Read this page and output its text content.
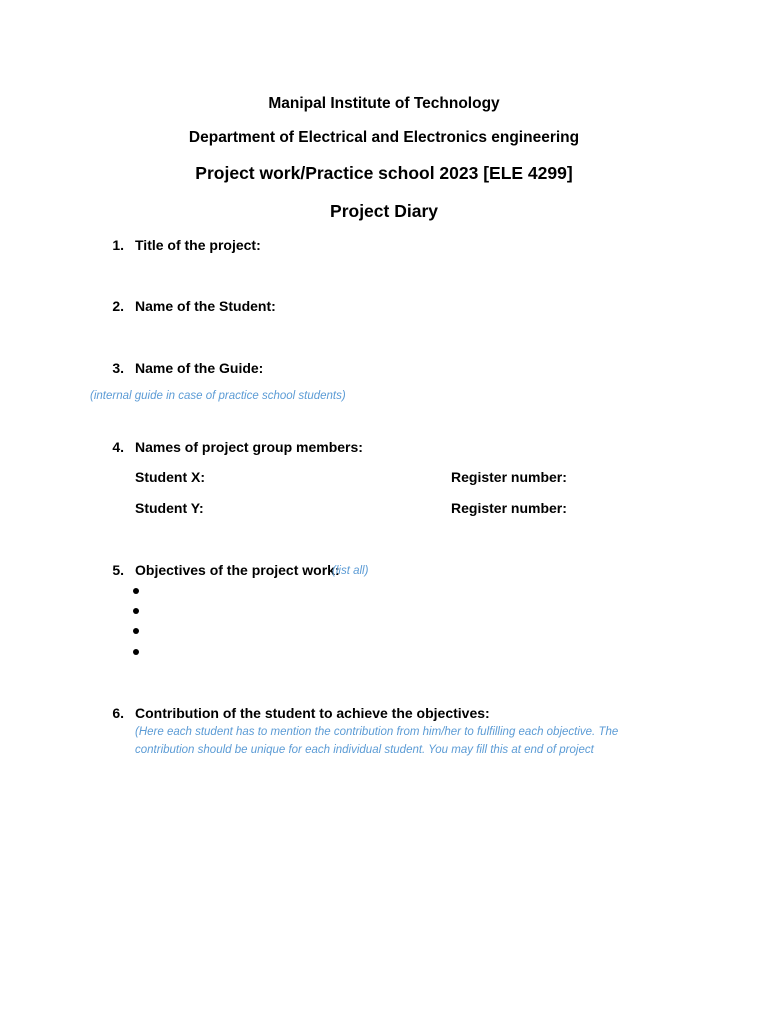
Manipal Institute of Technology
Department of Electrical and Electronics engineering
Project work/Practice school 2023 [ELE 4299]
Project Diary
1. Title of the project:
2. Name of the Student:
3. Name of the Guide:
(internal guide in case of practice school students)
4. Names of project group members:
Student X:	Register number:
Student Y:	Register number:
5. Objectives of the project work:
(list all)
6. Contribution of the student to achieve the objectives:
(Here each student has to mention the contribution from him/her to fulfilling each objective. The contribution should be unique for each individual student. You may fill this at end of project
